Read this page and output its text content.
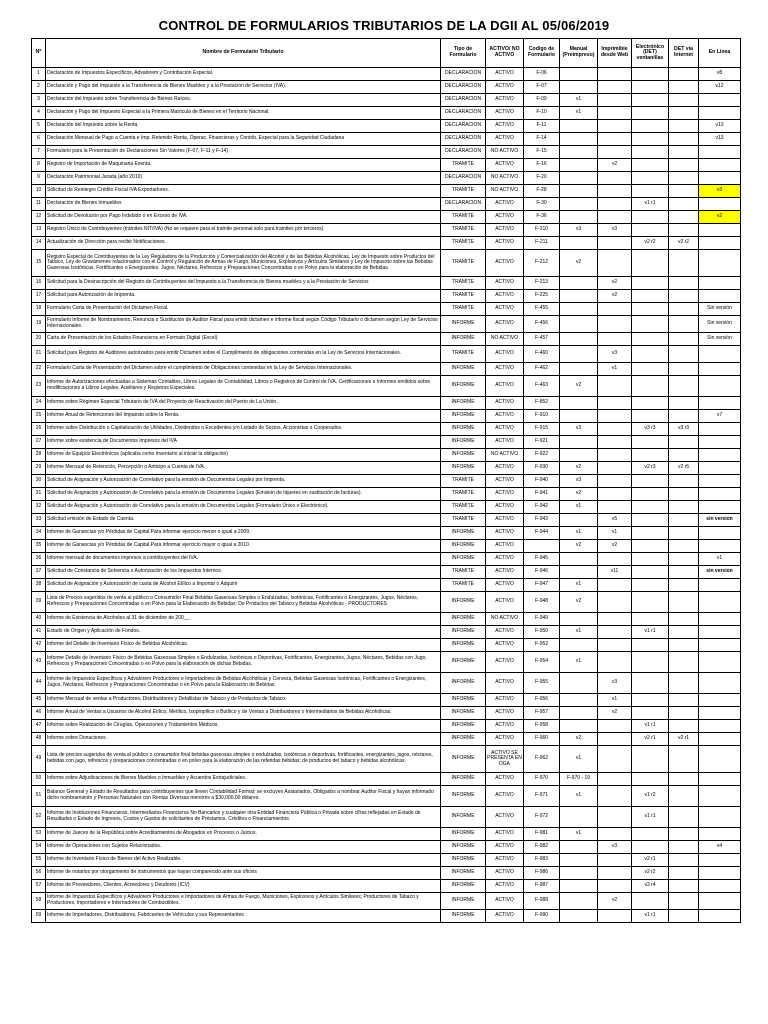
CONTROL DE FORMULARIOS TRIBUTARIOS DE LA DGII AL 05/06/2019
Nº	Nombre de Formulario Tributario	Tipo de Formulario	ACTIVO/ NO ACTIVO	Codigo de Formulario	Manual (Preimpreso)	Imprimible desde Web	Electrónico (DET) ventanillas	DET via Internet	En Linea
1	Declaración de Impuestos Específicos, Advalorem y Contribución Especial.	DECLARACION	ACTIVO	F-06					v8
2	Declaración y Pago del Impuesto a la Transferencia de Bienes Muebles y a la Prestación de Servicios (IVA).	DECLARACION	ACTIVO	F-07					v12
3	Declaración del Impuesto sobre Transferencia de Bienes Raíces.	DECLARACION	ACTIVO	F-09	v1				
4	Declaración y Pago del Impuesto Especial a la Primera Matrícula de Bienes en el Territorio Nacional.	DECLARACION	ACTIVO	F-10	v1				
5	Declaración del Impuesto sobre la Renta.	DECLARACION	ACTIVO	F-11					v13
6	Declaración Mensual de Pago a Cuenta e Imp. Retenido Renta, Operac. Financieras y Contrib. Especial para la Seguridad Ciudadana	DECLARACION	ACTIVO	F-14					v13
7	Formulario para la Presentación de Declaraciones Sin Valores (F-07, F-11 y F-14)	DECLARACION	NO ACTIVO	F-15					
8	Registro de Importación de Maquinaria Exenta.	TRAMITE	ACTIVO	F-16		v2			
9	Declaración Patrimonial Jurada (año 2010)	DECLARACION	NO ACTIVO	F-20					
10	Solicitud de Reintegro Crédito Fiscal IVA Exportadores.	TRAMITE	NO ACTIVO	F-28					v3
11	Declaración de Bienes Inmuebles	DECLARACION	ACTIVO	F-30			v1 r1		
12	Solicitud de Devolución por Pago Indebido o en Exceso de IVA.	TRAMITE	ACTIVO	F-36					v2
13	Registro Único de Contribuyentes (trámites NIT/IVA) (No se requiere para el tramite personal solo para tramites por terceros)	TRAMITE	ACTIVO	F-210	v3	v3			
14	Actualización de Dirección para recibir Notificaciones.	TRAMITE	ACTIVO	F-211			v2 r2	v2 r2	
15	Registro Especial de Contribuyentes de la Ley Reguladora de la Producción y Comercialización del Alcohol y de las Bebidas Alcohólicas, Ley de Impuesto sobre Productos del Tabaco, Ley de Gravámenes relacionados con el Control y Regulación de Armas de Fuego, Municiones, Explosivos y Artículos Similares y Ley de Impuesto sobre las Bebidas Gaseosas Isotónicas, Fortificantes o Energizantes, Jugos, Néctares, Refrescos y Preparaciones Concentradas o en Polvo para la elaboración de Bebidas.	TRAMITE	ACTIVO	F-212	v2				
16	Solicitud para la Desinscripción del Registro de Contribuyentes del Impuesto a la Transferencia de Bienes muebles y a la Prestación de Servicios	TRAMITE	ACTIVO	F-213		v2			
17	Solicitud para Autorización de Imprenta.	TRAMITE	ACTIVO	F-225		v2			
18	Formulario Carta de Presentación del Dictamen Fiscal.	TRAMITE	ACTIVO	F-455					Sin versión
19	Formulario Informe de Nombramiento, Renuncia o Sustitución de Auditor Fiscal para emitir dictamen e informe fiscal según Código Tributario o dictamen según Ley de Servicios Internacionales.	INFORME	ACTIVO	F-456					Sin versión
20	Carta de Presentación de los Estados Financieros en Formato Digital (Excel)	INFORME	NO ACTIVO	F-457					Sin versión
21	Solicitud para Registro de Auditores autorizados para emitir Dictamen sobre el Cumplimiento de obligaciones contenidas en la Ley de Servicios Internacionales.	TRAMITE	ACTIVO	F-460		v3			
22	Formulario Carta de Presentación del Dictamen sobre el cumplimiento de Obligaciones contenidas en la Ley de Servicios Internacionales.	INFORME	ACTIVO	F-462		v1			
23	Informe de Autorizaciones efectuadas a Sistemas Contables, Libros Legales de Contabilidad, Libros o Registros de Control de IVA, Certificaciones e Informes emitidos sobre modificaciones a Libros Legales, Auxiliares y Registros Especiales.	INFORME	ACTIVO	F-463	v2				
24	Informe sobre Régimen Especial Tributario de IVA del Proyecto de Reactivación del Puerto de La Unión.	INFORME	ACTIVO	F-852					
25	Informe Anual de Retenciones del Impuesto sobre la Renta.	INFORME	ACTIVO	F-910					v7
26	Informe sobre Distribución o Capitalización de Utilidades, Dividendos o Excedentes y/o Listado de Socios, Accionistas o Cooperados.	INFORME	ACTIVO	F-915	v3		v3 r3	v3 r3	
27	Informe sobre existencia de Documentos Impresos del IVA	INFORME	ACTIVO	F-921					
28	Informe de Equipos Electrónicos (aplicaba como inventario al iniciar la obligación)	INFORME	NO ACTIVO	F-922					
29	Informe Mensual de Retención, Percepción o Anticipo a Cuenta de IVA.	INFORME	ACTIVO	F-930	v2		v2 r3	v2 r5	
30	Solicitud de Asignación y Autorización de Correlativo para la emisión de Documentos Legales por Imprenta.	TRAMITE	ACTIVO	F-940	v3				
31	Solicitud de Asignación y Autorización de Correlativo para la emisión de Documentos Legales (Emisión de tiquetes en sustitución de facturas).	TRAMITE	ACTIVO	F-941	v2				
32	Solicitud de Asignación y Autorización de Correlativo para la emisión de Documentos Legales (Formulario Único o Electrónico).	TRAMITE	ACTIVO	F-942	v1				
33	Solicitud emisión de Estado de Cuenta.	TRAMITE	ACTIVO	F-943		v5			sin version
34	Informe de Ganancias y/o Pérdidas de Capital.Para informar ejercicio menor o igual a 2009.	INFORME	ACTIVO	F-944	v1	v1			
35	Informe de Ganancias y/o Pérdidas de Capital.Para informar ejercicio mayor o igual a 2010.	INFORME	ACTIVO		v2	v2			
36	Informe mensual de documentos impresos a contribuyentes del IVA.	INFORME	ACTIVO	F-945					v1
37	Solicitud de Constancia de Solvencia o Autorización de los Impuestos Internos.	TRAMITE	ACTIVO	F-946		v11			sin version
38	Solicitud de Asignación y Autorización de cuota de Alcohol Etílico a Importar o Adquirir	TRAMITE	ACTIVO	F-947	v1				
39	Lista de Precios sugeridos de venta al público o Consumidor Final Bebidas Gaseosas Simples o Endulzadas, Isotónicas, Fortificantes o Energizantes, Jugos, Néctares, Refrescos y Preparaciones Concentradas o en Polvo para la Elaboración de Bebidas: De Productos del Tabaco y Bebidas Alcohólicas - PRODUCTORES	INFORME	ACTIVO	F-948	v2				
40	Informe de Existencia de Alcoholes al 31 de diciembre de 200__	INFORME	NO ACTIVO	F-949					
41	Estado de Origen y Aplicación de Fondos.	INFORME	ACTIVO	F-950	v1		v1 r1		
42	Informe del Detalle de Inventario Físico de Bebidas Alcohólicas.	INFORME	ACTIVO	F-952					
43	Informe Detalle de Inventario Físico de Bebidas Gaseosas Simples o Endulzadas, Isotónicas o Deportivas, Fortificantes, Energizantes, Jugos, Néctares, Bebidas con Jugo, Refrescos y Preparaciones Concentradas o en Polvo para la elaboración de dichas Bebidas.	INFORME	ACTIVO	F-954	v1				
44	Informe de Impuestos Específicos y Advalorem Productores e Importadores de Bebidas Alcohólicas y Cerveza, Bebidas Gaseosas Isotónicas, Fortificantes o Energizantes, Jugos, Néctares, Refrescos y Preparaciones Concentradas o en Polvo para la Elaboración de Bebidas.	INFORME	ACTIVO	F-955		v3			
45	Informe Mensual de ventas a Productores, Distribuidores y Detallistas de Tabaco y de Productos de Tabaco.	INFORME	ACTIVO	F-956		v1			
46	Informe Anual de Ventas a Usuarios de Alcohol Etílico, Metílico, Isopropílico o Butílico y de Ventas a Distribuidores o Intermediarios de Bebidas Alcohólicas.	INFORME	ACTIVO	F-957		v2			
47	Informe sobre Realización de Cirugías, Operaciones y Tratamientos Médicos.	INFORME	ACTIVO	F-958			v1 r1		
48	Informe sobre Donaciones.	INFORME	ACTIVO	F-960	v2		v2 r1	v2 r1	
49	Lista de precios sugeridos de venta al público o consumidor final bebidas gaseosas simples o endulzadas, isotónicas o deportivas, fortificantes, energizantes, jugos, néctares, bebidas con jugo, refrescos y preparaciones concentradas o en polvo para la elaboración de las referidas bebidas; de productos del tabaco y bebidas alcohólicas.	INFORME	ACTIVO SE PRESENTA EN DGA	F-962	v1				
50	Informe sobre Adjudicaciones de Bienes Muebles o Inmuebles y Acuerdos Extrajudiciales.	INFORME	ACTIVO	F-970	F-970 - 19				
51	Balance General y Estado de Resultados para contribuyentes que lleven Contabilidad Formal; se excluyen Asalariados, Obligados a nombrar Auditor Fiscal y hayan informado dicho nombramiento y Personas Naturales con Rentas Diversas menores a $30,000.00 dólares.	INFORME	ACTIVO	F-971	v1		v1 r2		
52	Informe de Instituciones Financieras, Intermediarios Financieros No Bancarios y cualquier otra Entidad Financiera Pública o Privada sobre cifras reflejadas en Estado de Resultados o Estado de Ingresos, Costos y Gastos de solicitantes de Préstamos, Créditos o Financiamientos.	INFORME	ACTIVO	F-972			v1 r1		
53	Informe de Jueces de la República sobre Acreditamientos de Abogados en Procesos o Juicios.	INFORME	ACTIVO	F-981	v1				
54	Informe de Operaciones con Sujetos Relacionados.	INFORME	ACTIVO	F-982		v3			v4
55	Informe de Inventario Físico de Bienes del Activo Realizable.	INFORME	ACTIVO	F-983			v2 r1		
56	Informe de notarios por otorgamiento de instrumentos que hayan comparecido ante sus oficios	INFORME	ACTIVO	F-986			v2 r2		
57	Informe de Proveedores, Clientes, Acreedores y Deudores (ICV)	INFORME	ACTIVO	F-987			v2 r4		
58	Informe de Impuestos Específicos y Advalorem Productores e Importadores de Armas de Fuego, Municiones, Explosivos y Artículos Similares; Productores de Tabaco y Productores, Importadores e Internadores de Combustibles.	INFORME	ACTIVO	F-988		v2			
59	Informe de Importadores, Distribuidores, Fabricantes de Vehículos y sus Representantes	INFORME	ACTIVO	F-990			v1 r1		
